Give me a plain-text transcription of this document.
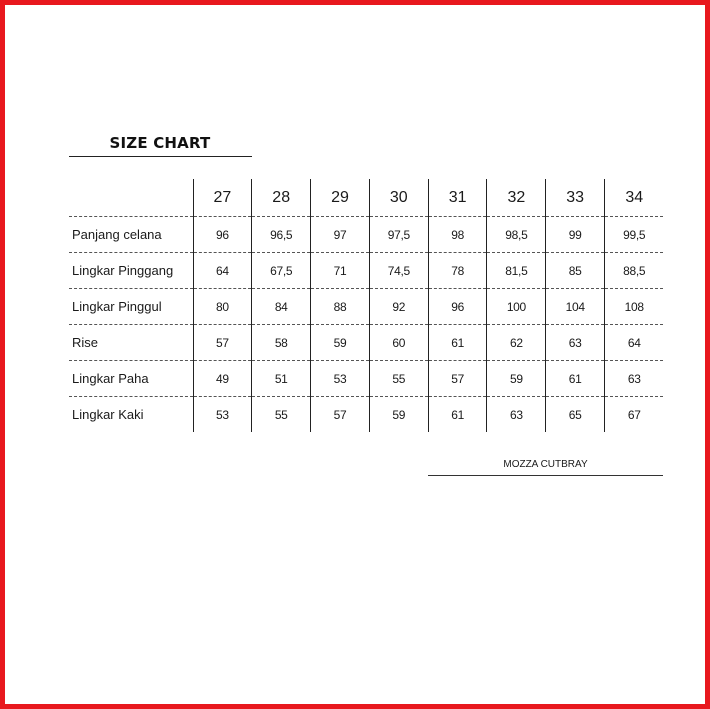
SIZE CHART
	27	28	29	30	31	32	33	34
Panjang celana	96	96,5	97	97,5	98	98,5	99	99,5
Lingkar Pinggang	64	67,5	71	74,5	78	81,5	85	88,5
Lingkar Pinggul	80	84	88	92	96	100	104	108
Rise	57	58	59	60	61	62	63	64
Lingkar Paha	49	51	53	55	57	59	61	63
Lingkar Kaki	53	55	57	59	61	63	65	67
MOZZA CUTBRAY
